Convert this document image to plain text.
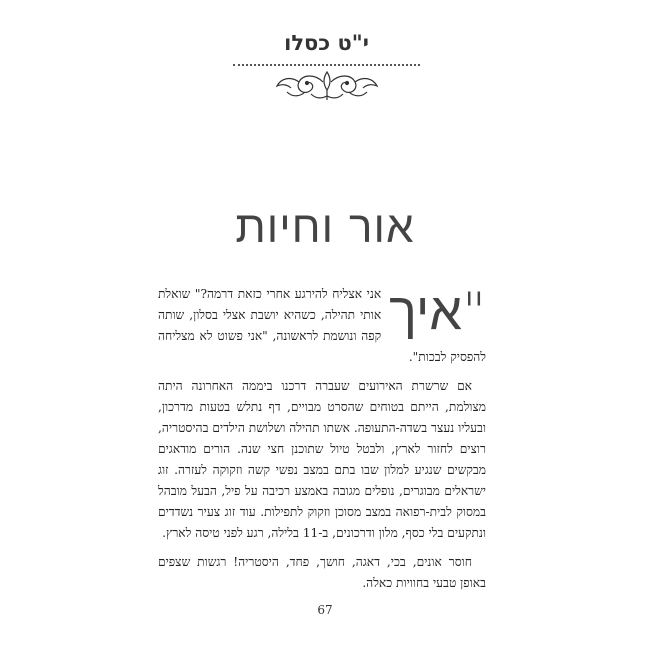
י"ט כסלו
אור וחיות

"איך
אני אצליח להירגע אחרי כזאת דרמה?" שואלת אותי תהילה, כשהיא יושבת אצלי בסלון, שותה קפה ונושמת לראשונה, "אני פשוט לא מצליחה להפסיק לבכות".

אם שרשרת האירועים שעברה דרכנו ביממה האחרונה היתה מצולמת, הייתם בטוחים שהסרט מבויים, דף נתלש בטעות מדרכון, ובעליו נעצר בשדה-התעופה. אשתו תהילה ושלושת הילדים בהיסטריה, רוצים לחזור לארץ, ולבטל טיול שתוכנן חצי שנה. הורים מודאגים מבקשים שנגיע למלון שבו בתם במצב נפשי קשה וזקוקה לעזרה. זוג ישראלים מבוגרים, נופלים מגובה באמצע רכיבה על פיל, הבעל מובהל במסוק לבית-רפואה במצב מסוכן וזקוק לתפילות. עוד זוג צעיר נשדדים ונתקעים בלי כסף, מלון ודרכונים, ב-11 בלילה, רגע לפני טיסה לארץ.

חוסר אונים, בכי, דאגה, חושך, פחד, היסטריה! רגשות שצפים באופן טבעי בחוויות כאלה.

67
